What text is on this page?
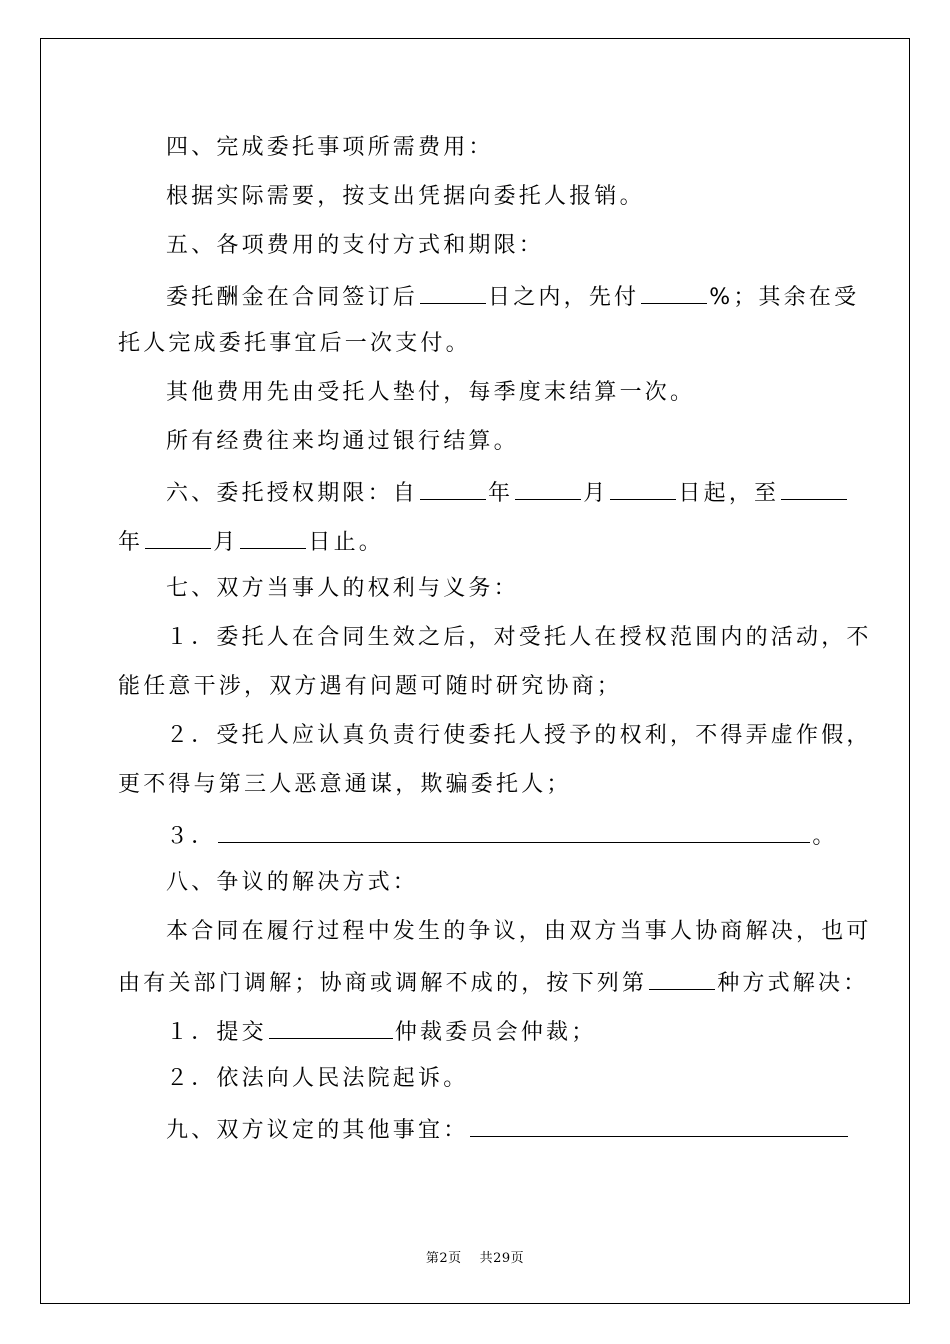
四、完成委托事项所需费用：
根据实际需要，按支出凭据向委托人报销。
五、各项费用的支付方式和期限：
委托酬金在合同签订后	日之内，先付	%；其余在受
托人完成委托事宜后一次支付。
其他费用先由受托人垫付，每季度末结算一次。
所有经费往来均通过银行结算。
六、委托授权期限：自	年	月	日起，至
年	月	日止。
七、双方当事人的权利与义务：
１．委托人在合同生效之后，对受托人在授权范围内的活动，不
能任意干涉，双方遇有问题可随时研究协商；
２．受托人应认真负责行使委托人授予的权利，不得弄虚作假，
更不得与第三人恶意通谋，欺骗委托人；
３．	。
八、争议的解决方式：
本合同在履行过程中发生的争议，由双方当事人协商解决，也可
由有关部门调解；协商或调解不成的，按下列第	种方式解决：
１．提交	仲裁委员会仲裁；
２．依法向人民法院起诉。
九、双方议定的其他事宜：
第2页 共29页
